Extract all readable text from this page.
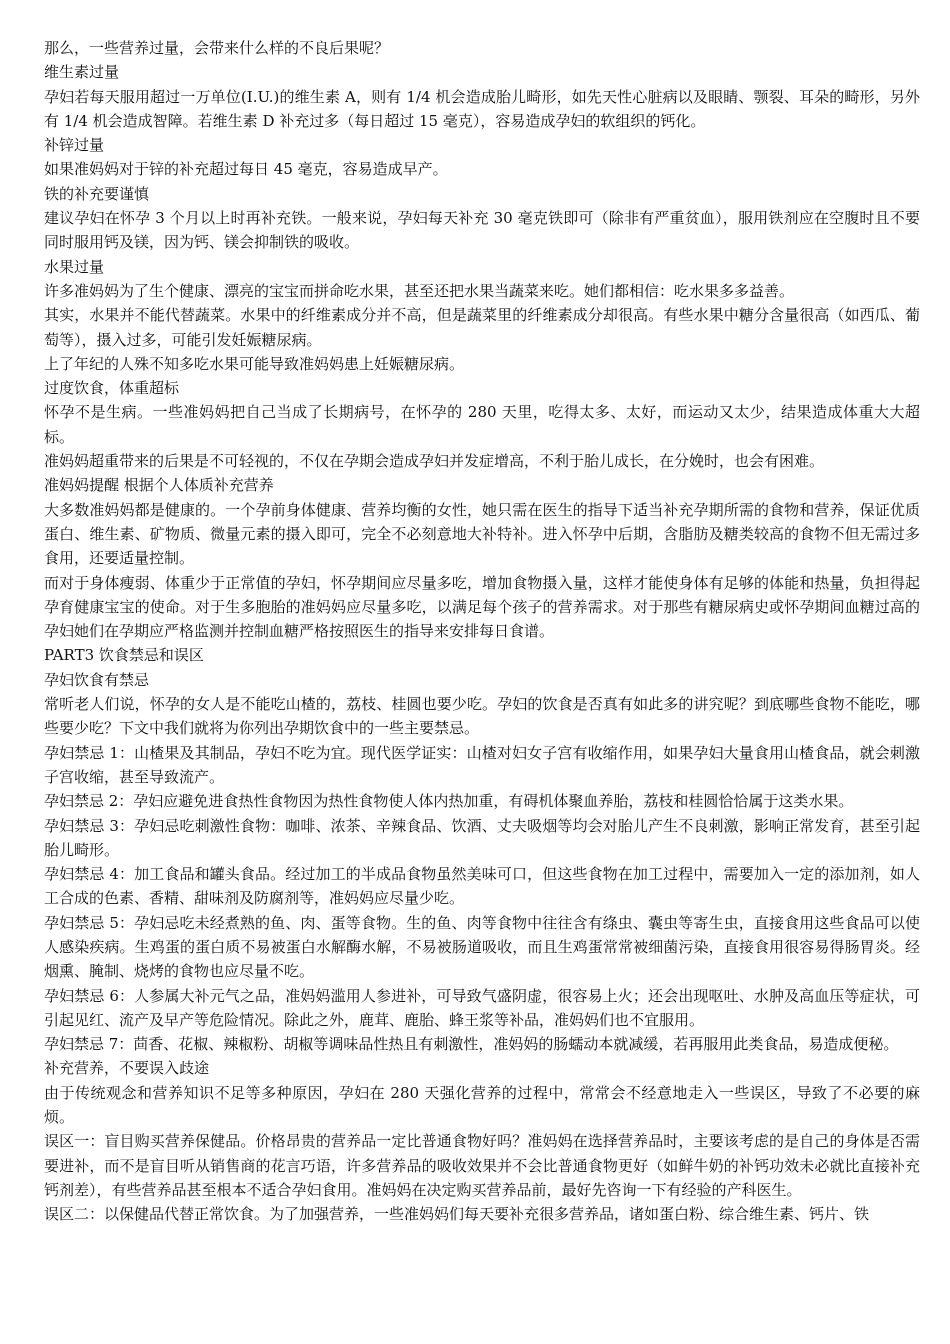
那么，一些营养过量，会带来什么样的不良后果呢？

维生素过量

孕妇若每天服用超过一万单位(I.U.)的维生素 A，则有 1/4 机会造成胎儿畸形，如先天性心脏病以及眼睛、颚裂、耳朵的畸形，另外有 1/4 机会造成智障。若维生素 D 补充过多（每日超过 15 毫克），容易造成孕妇的软组织的钙化。

补锌过量

如果准妈妈对于锌的补充超过每日 45 毫克，容易造成早产。

铁的补充要谨慎

建议孕妇在怀孕 3 个月以上时再补充铁。一般来说，孕妇每天补充 30 毫克铁即可（除非有严重贫血），服用铁剂应在空腹时且不要同时服用钙及镁，因为钙、镁会抑制铁的吸收。

水果过量

许多准妈妈为了生个健康、漂亮的宝宝而拼命吃水果，甚至还把水果当蔬菜来吃。她们都相信：吃水果多多益善。

其实，水果并不能代替蔬菜。水果中的纤维素成分并不高，但是蔬菜里的纤维素成分却很高。有些水果中糖分含量很高（如西瓜、葡萄等），摄入过多，可能引发妊娠糖尿病。

上了年纪的人殊不知多吃水果可能导致准妈妈患上妊娠糖尿病。

过度饮食，体重超标

怀孕不是生病。一些准妈妈把自己当成了长期病号，在怀孕的 280 天里，吃得太多、太好，而运动又太少，结果造成体重大大超标。

准妈妈超重带来的后果是不可轻视的，不仅在孕期会造成孕妇并发症增高，不利于胎儿成长，在分娩时，也会有困难。

准妈妈提醒 根据个人体质补充营养

大多数准妈妈都是健康的。一个孕前身体健康、营养均衡的女性，她只需在医生的指导下适当补充孕期所需的食物和营养，保证优质蛋白、维生素、矿物质、微量元素的摄入即可，完全不必刻意地大补特补。进入怀孕中后期，含脂肪及糖类较高的食物不但无需过多食用，还要适量控制。

而对于身体瘦弱、体重少于正常值的孕妇，怀孕期间应尽量多吃，增加食物摄入量，这样才能使身体有足够的体能和热量，负担得起孕育健康宝宝的使命。对于生多胞胎的准妈妈应尽量多吃，以满足每个孩子的营养需求。对于那些有糖尿病史或怀孕期间血糖过高的孕妇她们在孕期应严格监测并控制血糖严格按照医生的指导来安排每日食谱。

PART3 饮食禁忌和误区

孕妇饮食有禁忌

常听老人们说，怀孕的女人是不能吃山楂的，荔枝、桂圆也要少吃。孕妇的饮食是否真有如此多的讲究呢？到底哪些食物不能吃，哪些要少吃？下文中我们就将为你列出孕期饮食中的一些主要禁忌。

孕妇禁忌 1：山楂果及其制品，孕妇不吃为宜。现代医学证实：山楂对妇女子宫有收缩作用，如果孕妇大量食用山楂食品，就会刺激子宫收缩，甚至导致流产。

孕妇禁忌 2：孕妇应避免进食热性食物因为热性食物使人体内热加重，有碍机体聚血养胎，荔枝和桂圆恰恰属于这类水果。

孕妇禁忌 3：孕妇忌吃刺激性食物：咖啡、浓茶、辛辣食品、饮酒、丈夫吸烟等均会对胎儿产生不良刺激，影响正常发育，甚至引起胎儿畸形。

孕妇禁忌 4：加工食品和罐头食品。经过加工的半成品食物虽然美味可口，但这些食物在加工过程中，需要加入一定的添加剂，如人工合成的色素、香精、甜味剂及防腐剂等，准妈妈应尽量少吃。

孕妇禁忌 5：孕妇忌吃未经煮熟的鱼、肉、蛋等食物。生的鱼、肉等食物中往往含有绦虫、囊虫等寄生虫，直接食用这些食品可以使人感染疾病。生鸡蛋的蛋白质不易被蛋白水解酶水解，不易被肠道吸收，而且生鸡蛋常常被细菌污染，直接食用很容易得肠胃炎。经烟熏、腌制、烧烤的食物也应尽量不吃。

孕妇禁忌 6：人参属大补元气之品，准妈妈滥用人参进补，可导致气盛阴虚，很容易上火；还会出现呕吐、水肿及高血压等症状，可引起见红、流产及早产等危险情况。除此之外，鹿茸、鹿胎、蜂王浆等补品，准妈妈们也不宜服用。

孕妇禁忌 7：茴香、花椒、辣椒粉、胡椒等调味品性热且有刺激性，准妈妈的肠蠕动本就减缓，若再服用此类食品，易造成便秘。

补充营养，不要误入歧途

由于传统观念和营养知识不足等多种原因，孕妇在 280 天强化营养的过程中，常常会不经意地走入一些误区，导致了不必要的麻烦。

误区一：盲目购买营养保健品。价格昂贵的营养品一定比普通食物好吗？准妈妈在选择营养品时，主要该考虑的是自己的身体是否需要进补，而不是盲目听从销售商的花言巧语，许多营养品的吸收效果并不会比普通食物更好（如鲜牛奶的补钙功效未必就比直接补充钙剂差），有些营养品甚至根本不适合孕妇食用。准妈妈在决定购买营养品前，最好先咨询一下有经验的产科医生。

误区二：以保健品代替正常饮食。为了加强营养，一些准妈妈们每天要补充很多营养品，诸如蛋白粉、综合维生素、钙片、铁
